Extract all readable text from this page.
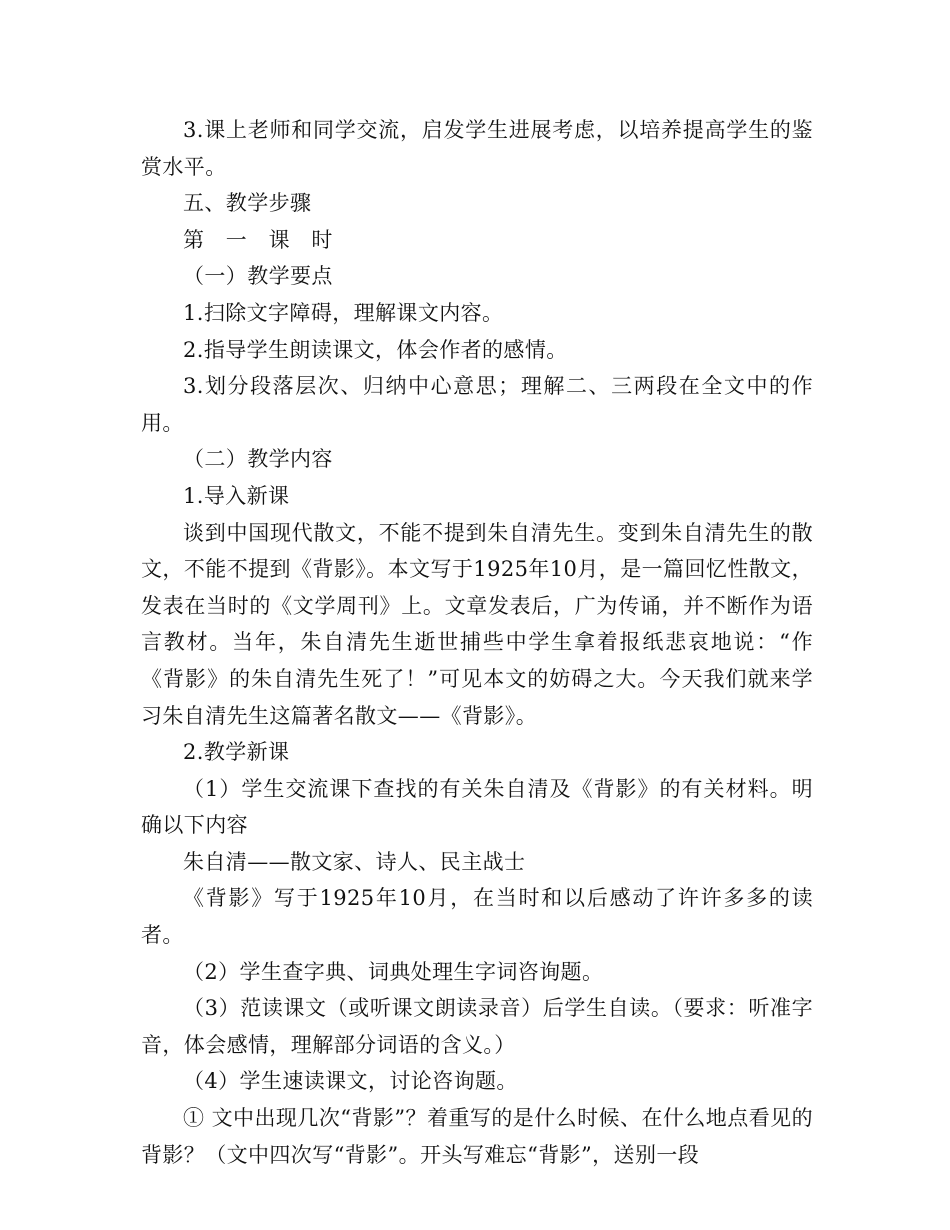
3.课上老师和同学交流，启发学生进展考虑，以培养提高学生的鉴赏水平。

五、教学步骤

第　一　课　时

（一）教学要点

1.扫除文字障碍，理解课文内容。

2.指导学生朗读课文，体会作者的感情。

3.划分段落层次、归纳中心意思；理解二、三两段在全文中的作用。

（二）教学内容

1.导入新课

谈到中国现代散文，不能不提到朱自清先生。变到朱自清先生的散文，不能不提到《背影》。本文写于1925年10月，是一篇回忆性散文，发表在当时的《文学周刊》上。文章发表后，广为传诵，并不断作为语言教材。当年，朱自清先生逝世捕些中学生拿着报纸悲哀地说：“作《背影》的朱自清先生死了！”可见本文的妨碍之大。今天我们就来学习朱自清先生这篇著名散文——《背影》。

2.教学新课

（1）学生交流课下查找的有关朱自清及《背影》的有关材料。明确以下内容

朱自清——散文家、诗人、民主战士

《背影》写于1925年10月，在当时和以后感动了许许多多的读者。

（2）学生查字典、词典处理生字词咨询题。

（3）范读课文（或听课文朗读录音）后学生自读。（要求：听准字音，体会感情，理解部分词语的含义。）

（4）学生速读课文，讨论咨询题。

① 文中出现几次“背影”？着重写的是什么时候、在什么地点看见的背影？（文中四次写“背影”。开头写难忘“背影”，送别一段
